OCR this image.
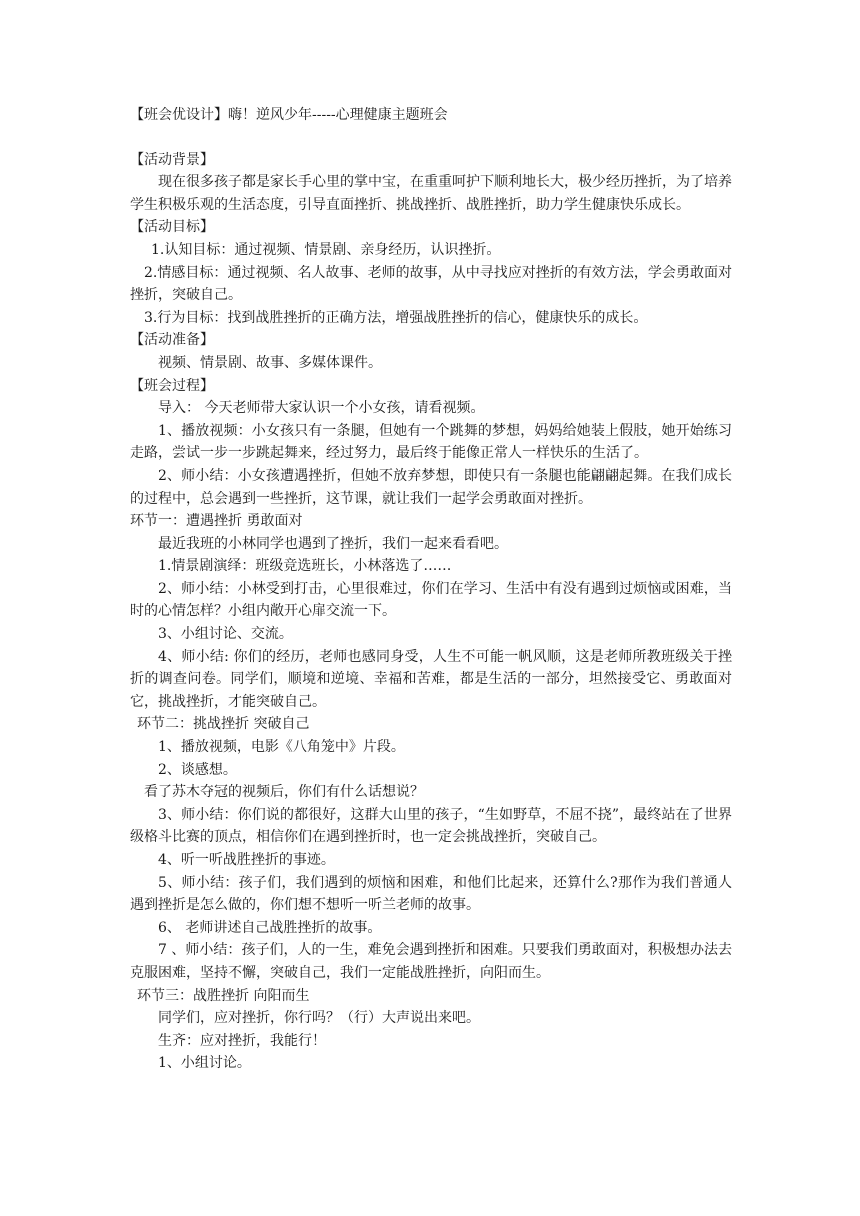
【班会优设计】嗨！逆风少年-----心理健康主题班会

【活动背景】

现在很多孩子都是家长手心里的掌中宝，在重重呵护下顺利地长大，极少经历挫折，为了培养学生积极乐观的生活态度，引导直面挫折、挑战挫折、战胜挫折，助力学生健康快乐成长。

【活动目标】

1.认知目标：通过视频、情景剧、亲身经历，认识挫折。

2.情感目标：通过视频、名人故事、老师的故事，从中寻找应对挫折的有效方法，学会勇敢面对挫折，突破自己。

3.行为目标：找到战胜挫折的正确方法，增强战胜挫折的信心，健康快乐的成长。

【活动准备】

视频、情景剧、故事、多媒体课件。

【班会过程】

导入： 今天老师带大家认识一个小女孩，请看视频。

1、播放视频：小女孩只有一条腿，但她有一个跳舞的梦想，妈妈给她装上假肢，她开始练习走路，尝试一步一步跳起舞来，经过努力，最后终于能像正常人一样快乐的生活了。

2、师小结：小女孩遭遇挫折，但她不放弃梦想，即使只有一条腿也能翩翩起舞。在我们成长的过程中，总会遇到一些挫折，这节课，就让我们一起学会勇敢面对挫折。

环节一：遭遇挫折 勇敢面对

最近我班的小林同学也遇到了挫折，我们一起来看看吧。

1.情景剧演绎：班级竞选班长，小林落选了……

2、师小结：小林受到打击，心里很难过，你们在学习、生活中有没有遇到过烦恼或困难，当时的心情怎样？小组内敞开心扉交流一下。

3、小组讨论、交流。

4、师小结: 你们的经历，老师也感同身受，人生不可能一帆风顺，这是老师所教班级关于挫折的调查问卷。同学们，顺境和逆境、幸福和苦难，都是生活的一部分，坦然接受它、勇敢面对它，挑战挫折，才能突破自己。

环节二：挑战挫折 突破自己

1、播放视频，电影《八角笼中》片段。

2、谈感想。

看了苏木夺冠的视频后，你们有什么话想说？

3、师小结：你们说的都很好，这群大山里的孩子，“生如野草，不屈不挠”，最终站在了世界级格斗比赛的顶点，相信你们在遇到挫折时，也一定会挑战挫折，突破自己。

4、听一听战胜挫折的事迹。

5、师小结：孩子们，我们遇到的烦恼和困难，和他们比起来，还算什么?那作为我们普通人遇到挫折是怎么做的，你们想不想听一听兰老师的故事。

6、 老师讲述自己战胜挫折的故事。

7 、师小结：孩子们，人的一生，难免会遇到挫折和困难。只要我们勇敢面对，积极想办法去克服困难，坚持不懈，突破自己，我们一定能战胜挫折，向阳而生。

环节三：战胜挫折 向阳而生

同学们，应对挫折，你行吗？（行）大声说出来吧。

生齐：应对挫折，我能行！

1、小组讨论。
